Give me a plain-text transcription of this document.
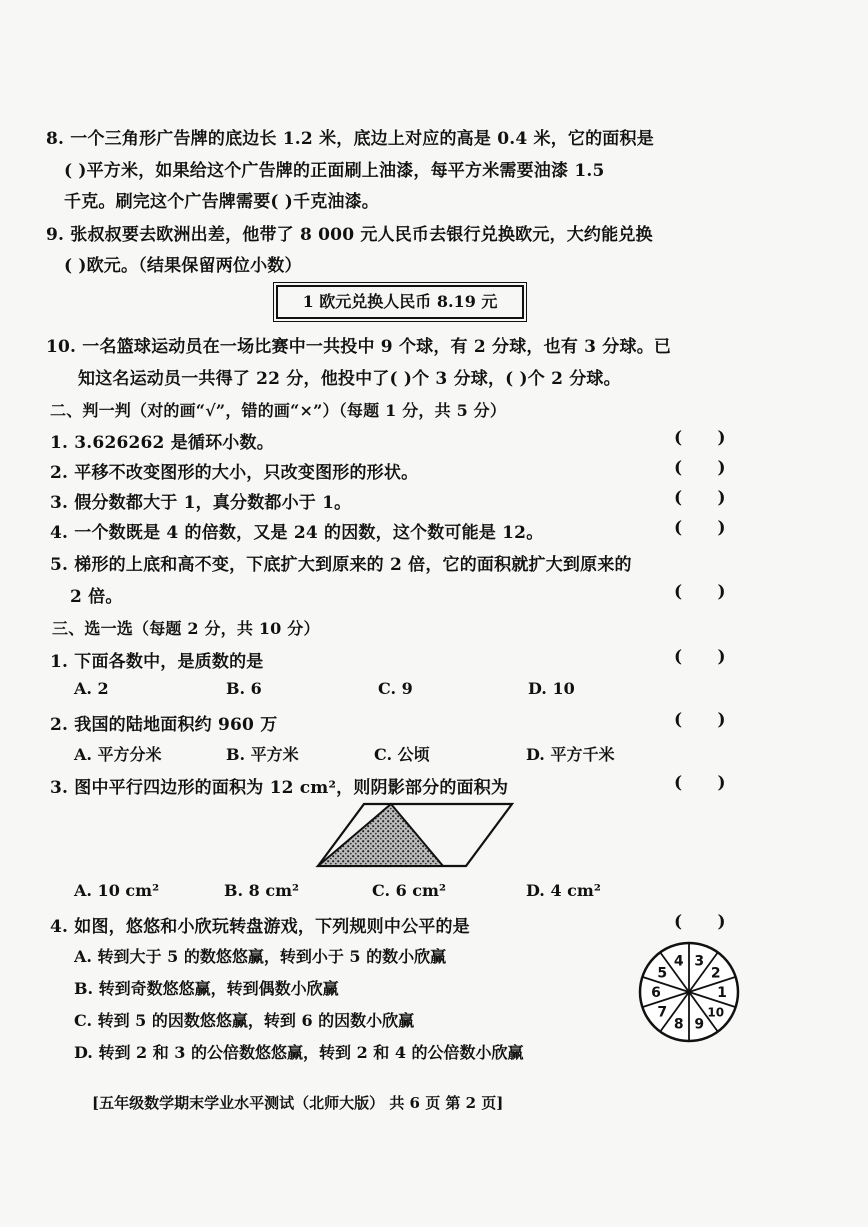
8. 一个三角形广告牌的底边长 1.2 米，底边上对应的高是 0.4 米，它的面积是
( )平方米，如果给这个广告牌的正面刷上油漆，每平方米需要油漆 1.5
千克。刷完这个广告牌需要( )千克油漆。
9. 张叔叔要去欧洲出差，他带了 8 000 元人民币去银行兑换欧元，大约能兑换
( )欧元。（结果保留两位小数）
1 欧元兑换人民币 8.19 元
10. 一名篮球运动员在一场比赛中一共投中 9 个球，有 2 分球，也有 3 分球。已
知这名运动员一共得了 22 分，他投中了( )个 3 分球，( )个 2 分球。
二、判一判（对的画“√”，错的画“×”）（每题 1 分，共 5 分）
1. 3.626262 是循环小数。	(      )
2. 平移不改变图形的大小，只改变图形的形状。	(      )
3. 假分数都大于 1，真分数都小于 1。	(      )
4. 一个数既是 4 的倍数，又是 24 的因数，这个数可能是 12。	(      )
5. 梯形的上底和高不变，下底扩大到原来的 2 倍，它的面积就扩大到原来的
2 倍。	(      )
三、选一选（每题 2 分，共 10 分）
1. 下面各数中，是质数的是	(      )
A. 2	B. 6	C. 9	D. 10
2. 我国的陆地面积约 960 万	(      )
A. 平方分米	B. 平方米	C. 公顷	D. 平方千米
3. 图中平行四边形的面积为 12 cm²，则阴影部分的面积为	(      )
A. 10 cm²	B. 8 cm²	C. 6 cm²	D. 4 cm²
4. 如图，悠悠和小欣玩转盘游戏，下列规则中公平的是	(      )
A. 转到大于 5 的数悠悠赢，转到小于 5 的数小欣赢
B. 转到奇数悠悠赢，转到偶数小欣赢
C. 转到 5 的因数悠悠赢，转到 6 的因数小欣赢
D. 转到 2 和 3 的公倍数悠悠赢，转到 2 和 4 的公倍数小欣赢
3
2
1
10
9
8
7
6
5
4
[五年级数学期末学业水平测试（北师大版） 共 6 页 第 2 页]
